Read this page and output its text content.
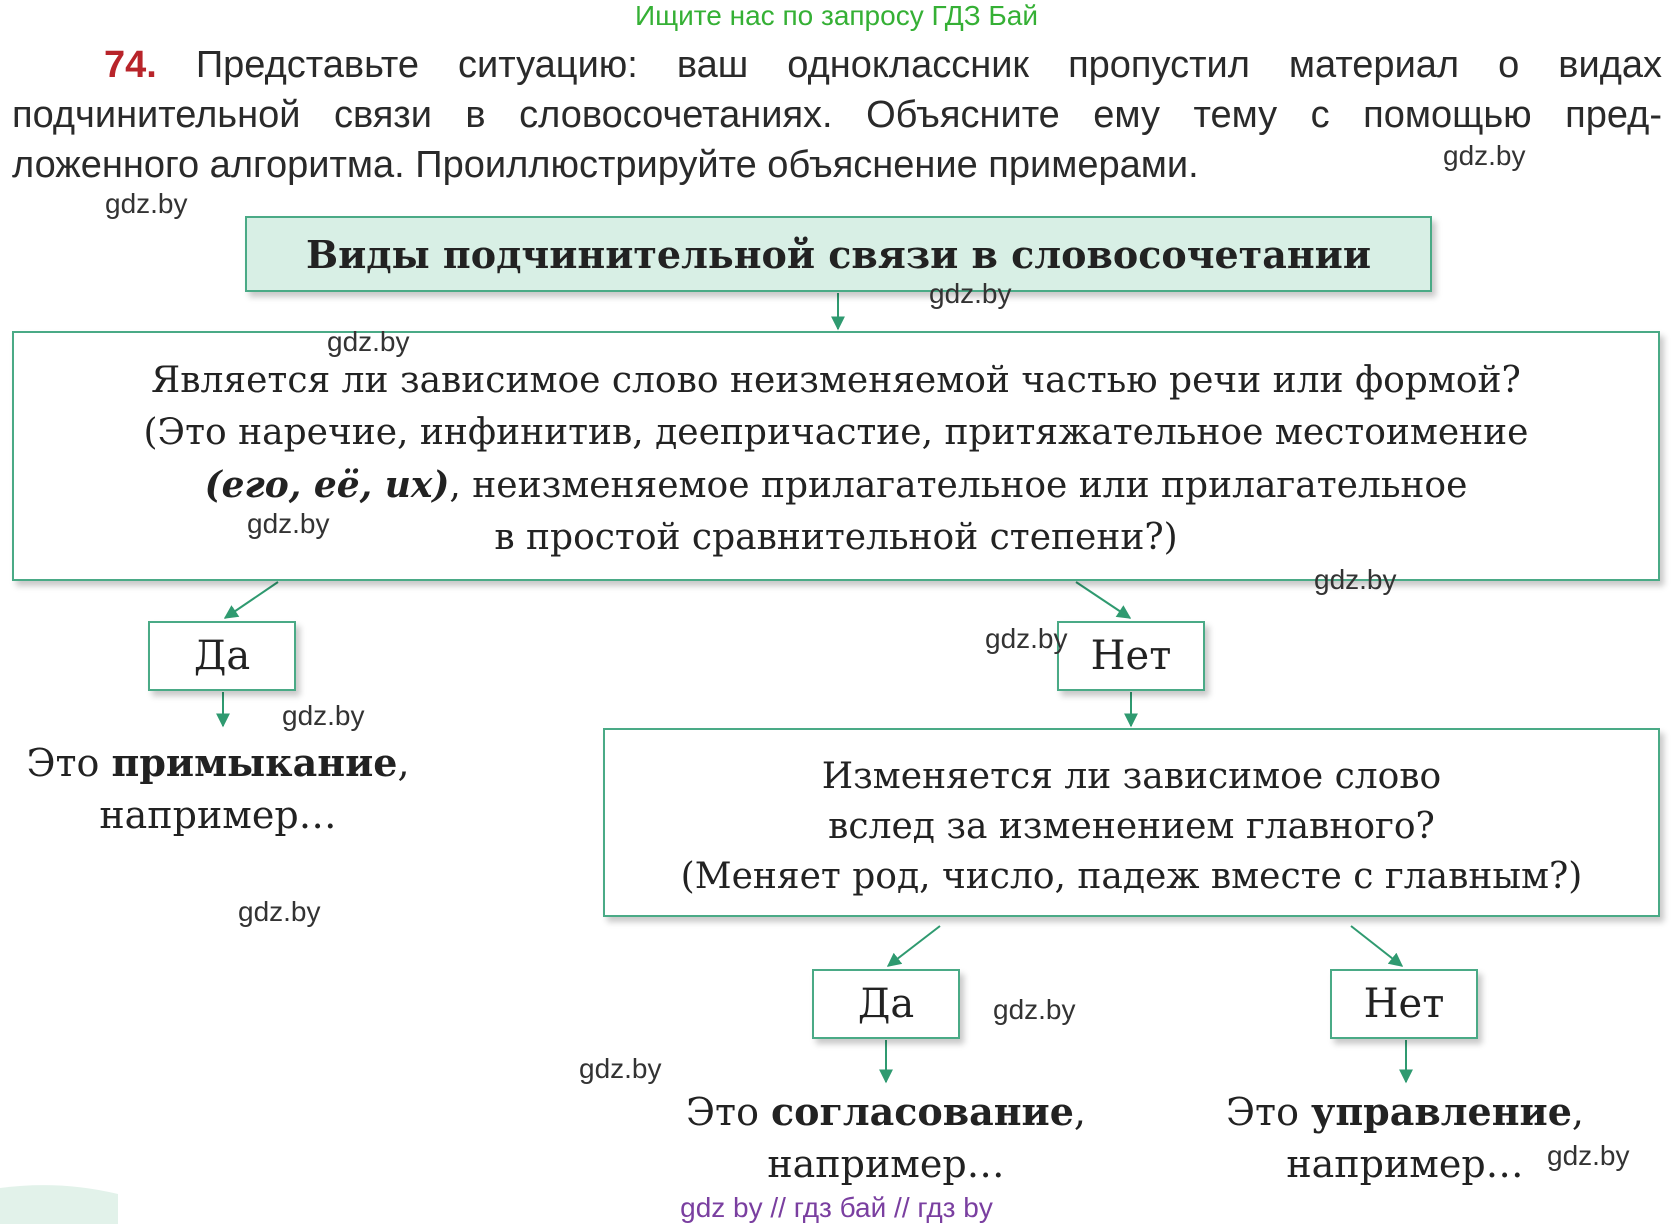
Ищите нас по запросу ГДЗ Бай
74. Представьте ситуацию: ваш одноклассник пропустил материал о видах
подчинительной связи в словосочетаниях. Объясните ему тему с помощью пред-
ложенного алгоритма. Проиллюстрируйте объяснение примерами.
Виды подчинительной связи в словосочетании
Является ли зависимое слово неизменяемой частью речи или формой?
(Это наречие, инфинитив, деепричастие, притяжательное местоимение
(его, её, их), неизменяемое прилагательное или прилагательное
в простой сравнительной степени?)
Да	Нет
Это примыкание,
например…
Изменяется ли зависимое слово
вслед за изменением главного?
(Меняет род, число, падеж вместе с главным?)
Да	Нет
Это согласование,
например…
Это управление,
например…
gdz.by
gdz.by
gdz.by
gdz.by
gdz.by
gdz.by
gdz.by
gdz.by
gdz.by
gdz.by
gdz.by
gdz.by
gdz by // гдз бай // гдз by
